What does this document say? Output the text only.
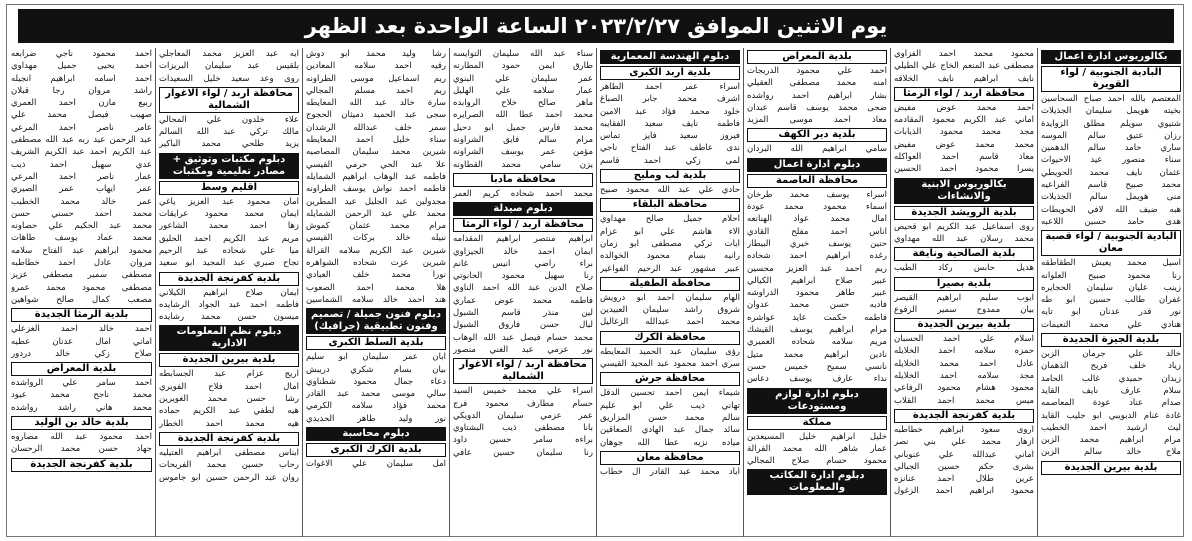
يوم الاثنين الموافق ٢٠٢٣/٢/٢٧ الساعة الواحدة بعد الظهر
بكالوريوس ادارة اعمال
البادية الجنوبية / لواء القويرة
المعتصم بالله احمد صباح السحاسين
بخيته هويمل سليمان الجذيلات
شتيوي سويلم مطلق الزوايدة
رزان عتيق سالم الموسه
ساري حامد سالم الدهمين
سناء منصور عيد الاحيوات
عثمان نايف محمد الحويطي
محمد صبيح قاسم الفراعيه
منى هويمل سالم الجذيلات
هبه ضيف الله لافي الحويطات
هدى حامد حسين اللاعبه
البادية الجنوبية / لواء قصبة معان
اسيل محمد يعيش الطقاطقه
رنا محمود صبيح العلوانه
زينب عليان سليمان الحجايره
غفران طالب حسين ابو طه
نور قدر عدنان ابو تايه
هنادي علي محمد النعيمات
بلدية الجيزة الجديدة
خالد علي جرمان الزبن
زياد خلف فريح الدهمان
زيدان حميدي غالب الحامد
سلام عارف نايف القايد
صدام عناد عودة المعاصمه
غادة غنام الدبويبي ابو جليب القايد
ليث ارشيد احمد الخطيب
مرام ابراهيم محمد الزبن
ملاح خالد سالم الزبن
بلدية بيرين الجديدة
محمود محمد احمد الفزاوي
مصطفى عبد المنعم الخاج علي الطيلي
نايف ابراهيم نايف الخلاقه
محافظة اربد / لواء الرمثا
احمد محمد عوض مفيض
اماني عبد الكريم محمود المقادمه
مجد محمد محمود الذيابات
محمد محمد عوض مفيض
معاذ قاسم احمد العواكله
يسرا محمود احمد الحسين
بكالوريوس الابنية والانشاءات
بلدية الرويشد الجديدة
روى اسماعيل عبد الكريم ابو قحيص
محمد رسلان عبد الله مهداوي
بلدية الصالحية ونايفة
هديل حابس ركاد الطيب
بلدية بصيرا
ايوب سليم ابراهيم القيصر
بيان ممدوح سمير الرفوع
بلدية بيرين الجديدة
اسلام علي احمد الحسبان
حمزه سلامه احمد الخلايله
عادل احمد محمد الخلايله
مجد سلامه احمد الخلايله
محمود هشام محمود الرفاعي
ميس محمد احمد القلاب
بلدية كفرنجة الجديدة
اروى سعود ابراهيم خطاطبه
ازهار محمد علي بني نصر
اماني عبدالله علي عنوباني
بشرى حكم حسين الجبالي
عرين طلال احمد عنانزه
محمود ابراهيم احمد الزغول
بلدية المعراض
احمد علي محمود الدريجات
امنه محمد مصطفى العقيلي
بشار ابراهيم احمد رواشده
ضحى محمد يوسف قاسم عبدان
معاذ احمد موسى المزيد
بلدية دير الكهف
سامي ابراهيم الله البردان
دبلوم ادارة اعمال
محافظة العاصمة
اسراء يوسف محمد طرخان
اسماء محمود محمد عودة
امال محمد عواد الهنانعه
اناس احمد مفلح القادي
حنين يوسف خيري البيطار
رغده ابراهيم احمد شحاده
ريم احمد عبد العزيز محسين
عبير صلاح ابراهيم الكيالي
عبير طاهر محمود الدراوشه
فاديه حسن محمد عدوان
فاطمه حكمت عايد عواشره
مرام ابراهيم يوسف القيشك
مريم سلامه شحاده العميري
نادين ابراهيم محمد متيل
نانسي سميح خميس حسن
نداء عارف يوسف دعاس
دبلوم ادارة لوازم ومستودعات
مملكة
خليل ابراهيم خليل المسيعدين
عمار شاهر الله محمد القرالة
محمود حسام صلاح المجالي
دبلوم ادارة المكاتب والمعلومات
دبلوم الهندسة المعمارية
بلدية اربد الكبرى
اسراء عمر احمد الطاهر
اشرف محمد جابر الصباغ
خلود محمد فؤاد عبد الامين
فاطمه نايف سعيد الفقايبه
فيروز سعيد فايز تماس
ندى عاطف عبد الفتاح ناجي
لمى زكي احمد قاسم
بلدية لب ومليح
حادي علي عبد الله محمود صبيح
محافظة البلقاء
احلام جميل صالح مهداوي
الاء هاشم علي ابو عزام
ايات تركي مصطفى ابو زمان
رانيه بسام محمود الخوالده
عبير مشهور عبد الرحيم الفواعير
محافظة الطفيلة
الهام سليمان احمد ابو درويش
شروق راشد سليمان العبيدين
محمد احمد عبدالله الزغاليل
محافظة الكرك
رؤى سليمان عبد الحميد المعايطه
سري احمد محمود عبد المجيد القيسي
محافظة جرش
شيماء ايمن احمد تحسين الدقل
تهاني ذيب علي ابو عليم
سالم محمد حسن المزاريق
سائد جمال عبد الهادي الصعاقين
مياده نزيه عطا الله جوهان
محافظة معان
اياد محمد عبد القادر ال خطاب
سناء عبد الله سليمان التوايسه
طارق ايمن حمود المطارنه
عمر سليمان علي البنوي
عمار سلامه علي الهليل
ماهر صالح خلاح الروابده
محمد احمد عطا الله الصرايره
محمد فارس جميل ابو دحيل
مرام سالم فايق الشراونه
مؤمن عمر يوسف الشراونه
يزن سامي محمد القطاونه
محافظة مادبا
محمد احمد شحاده كريم العمر
دبلوم صيدلة
محافظة اربد / لواء الرمثا
ابراهيم منتصر ابراهيم المقدامه
ايمان احمد خالد الجيزاوي
براء راضي انيس غانم
رنا سهيل محمود الحانوتي
صلاح الدين عبد الله احمد الناوي
فاطمه محمد عوض عماري
لين منذر قاسم الشبول
ليال حسن فاروق الشبول
محمد حسام فيصل عبد الله الوهاب
نور عزمي عبد الغني منصور
محافظة اربد / لواء الاغوار الشمالية
اسراء علي محمد خميس السيد
حسام مطارف محمود فرج
عمر عزمي سليمان الدويكي
بانا مصطفى ذيب البشتاوي
براءه سامر حسين داود
رنا سليمان حسين عافي
رشا وليد محمد ابو دوش
رقيه احمد سلامه المعادين
ريم اسماعيل موسى الطراونه
ريم احمد مسلم المجالي
سارة خالد عبد الله المعايطه
سجى عبد الحميد دميثان الحجوج
سمر خلف عبدالله الرشدان
سناء خليل احمد المعايطه
شيرين محمد سليمان المصاصيه
علا عبد الحي حرمي القيسي
فاطمه عبد الوهاب ابراهيم الشمايله
فاطمه احمد نواش يوسف الطراونه
مجدولين عبد الجليل عيد المطرين
محمد علي عبد الرحمن الشمايله
مرام محمد عثمان كموش
نبيله خالد بركات القيسي
شيرين عبد الكريم سلامه القرالة
شيرين عزت شحاده الشواهره
نورا محمد خلف العبادي
هلا محمد احمد الصعوب
هند احمد خالد سلامه الشماسين
دبلوم فنون جميلة / تصميم وفنون تطبيقية (جرافيك)
بلدية السلط الكبرى
ابان عمر سليمان ابو سليم
بيان بسام شكري دريبش
دعاء جمال محمود شطناوي
سالي موسى محمد عبد القادر
محمد فؤاد سلامه الكرمي
نور وليد طاهر الحديدي
دبلوم محاسبة
بلدية الكرك الكبرى
امل سليمان علي الاغوات
ايه عبد العزيز محمد المعاجلي
بلقيس عبد سليمان البريزات
روى وعد سعيد خليل السعيدات
محافظة اربد / لواء الاغوار الشمالية
علاء خلدون علي المحالي
مالك تركي عبد الله السالم
يزيد طلحي محمد الباكير
دبلوم مكتبات وتوثيق + مصادر تعليمية ومكتبات
اقليم وسط
امان محمود عبد العزيز ياغي
ايمان محمد محمود عرايقات
زها احمد محمد الشاعور
مريم عبد الكريم احمد الحليق
ميا علي شحاده عبد الرحيم
تجاح صبري عبد المجيد ابو سعيد
بلدية كفرنجة الجديدة
ايمان صلاح ابراهيم الكيلاني
فاطمه احمد عبد الجواد الرشايده
ميسون حسن محمد رشايده
دبلوم نظم المعلومات الادارية
بلدية بيرين الجديدة
اريج عزام عبد الجسابطه
امال احمد فلاح الفويري
رشا حسن محمد الغويرين
هيه لطفي عبد الكريم حماده
هيه محمد احمد الخطار
بلدية كفرنجة الجديدة
ايناس مصطفى ابراهيم العتيليه
رحاب حسين محمد الفريحات
روان عبد الرحمن حسين ابو جاموس
احمد محمود ناجي ضرابعه
احمد يحيى جميل مهداوي
احمد اسامه ابراهيم انجيله
راشد مروان رجا قبلان
ربيع مازن احمد العمري
صهيب فيصل محمد علي
عامر ناصر احمد المرعي
عبد الرحمن عيد ربه عبد الله مصطفى
عبد الكريم احمد عبد الكريم الشريف
عدي سهيل احمد ذيب
عمار ناصر احمد المرعي
عمر ايهاب عمر الصيري
عمر خالد محمد الخطيب
محمد احمد حسني حسن
محمد عبد الحكيم علي حصاونه
محمد عماد يوسف طاهات
محمود ابراهيم عبد الفتاح سلامه
مروان عادل احمد خطاطبه
مصطفى سمير مصطفى عزيز
مصطفى محمود محمد عمرو
مصعب كمال صالح شواهين
بلدية الرمثا الجديدة
احمد خالد احمد الغزعلي
اماني امال عدنان عطيه
صلاح زكي خالد دردور
بلدية المعراض
احمد سامر علي الرواشده
محمد ناجح محمد عيود
محمد هاني راشد رواشده
بلدية خالد بن الوليد
احمد محمود عبد الله مصاروه
جهاد حسن محمد الرحسان
بلدية كفرنجة الجديدة
